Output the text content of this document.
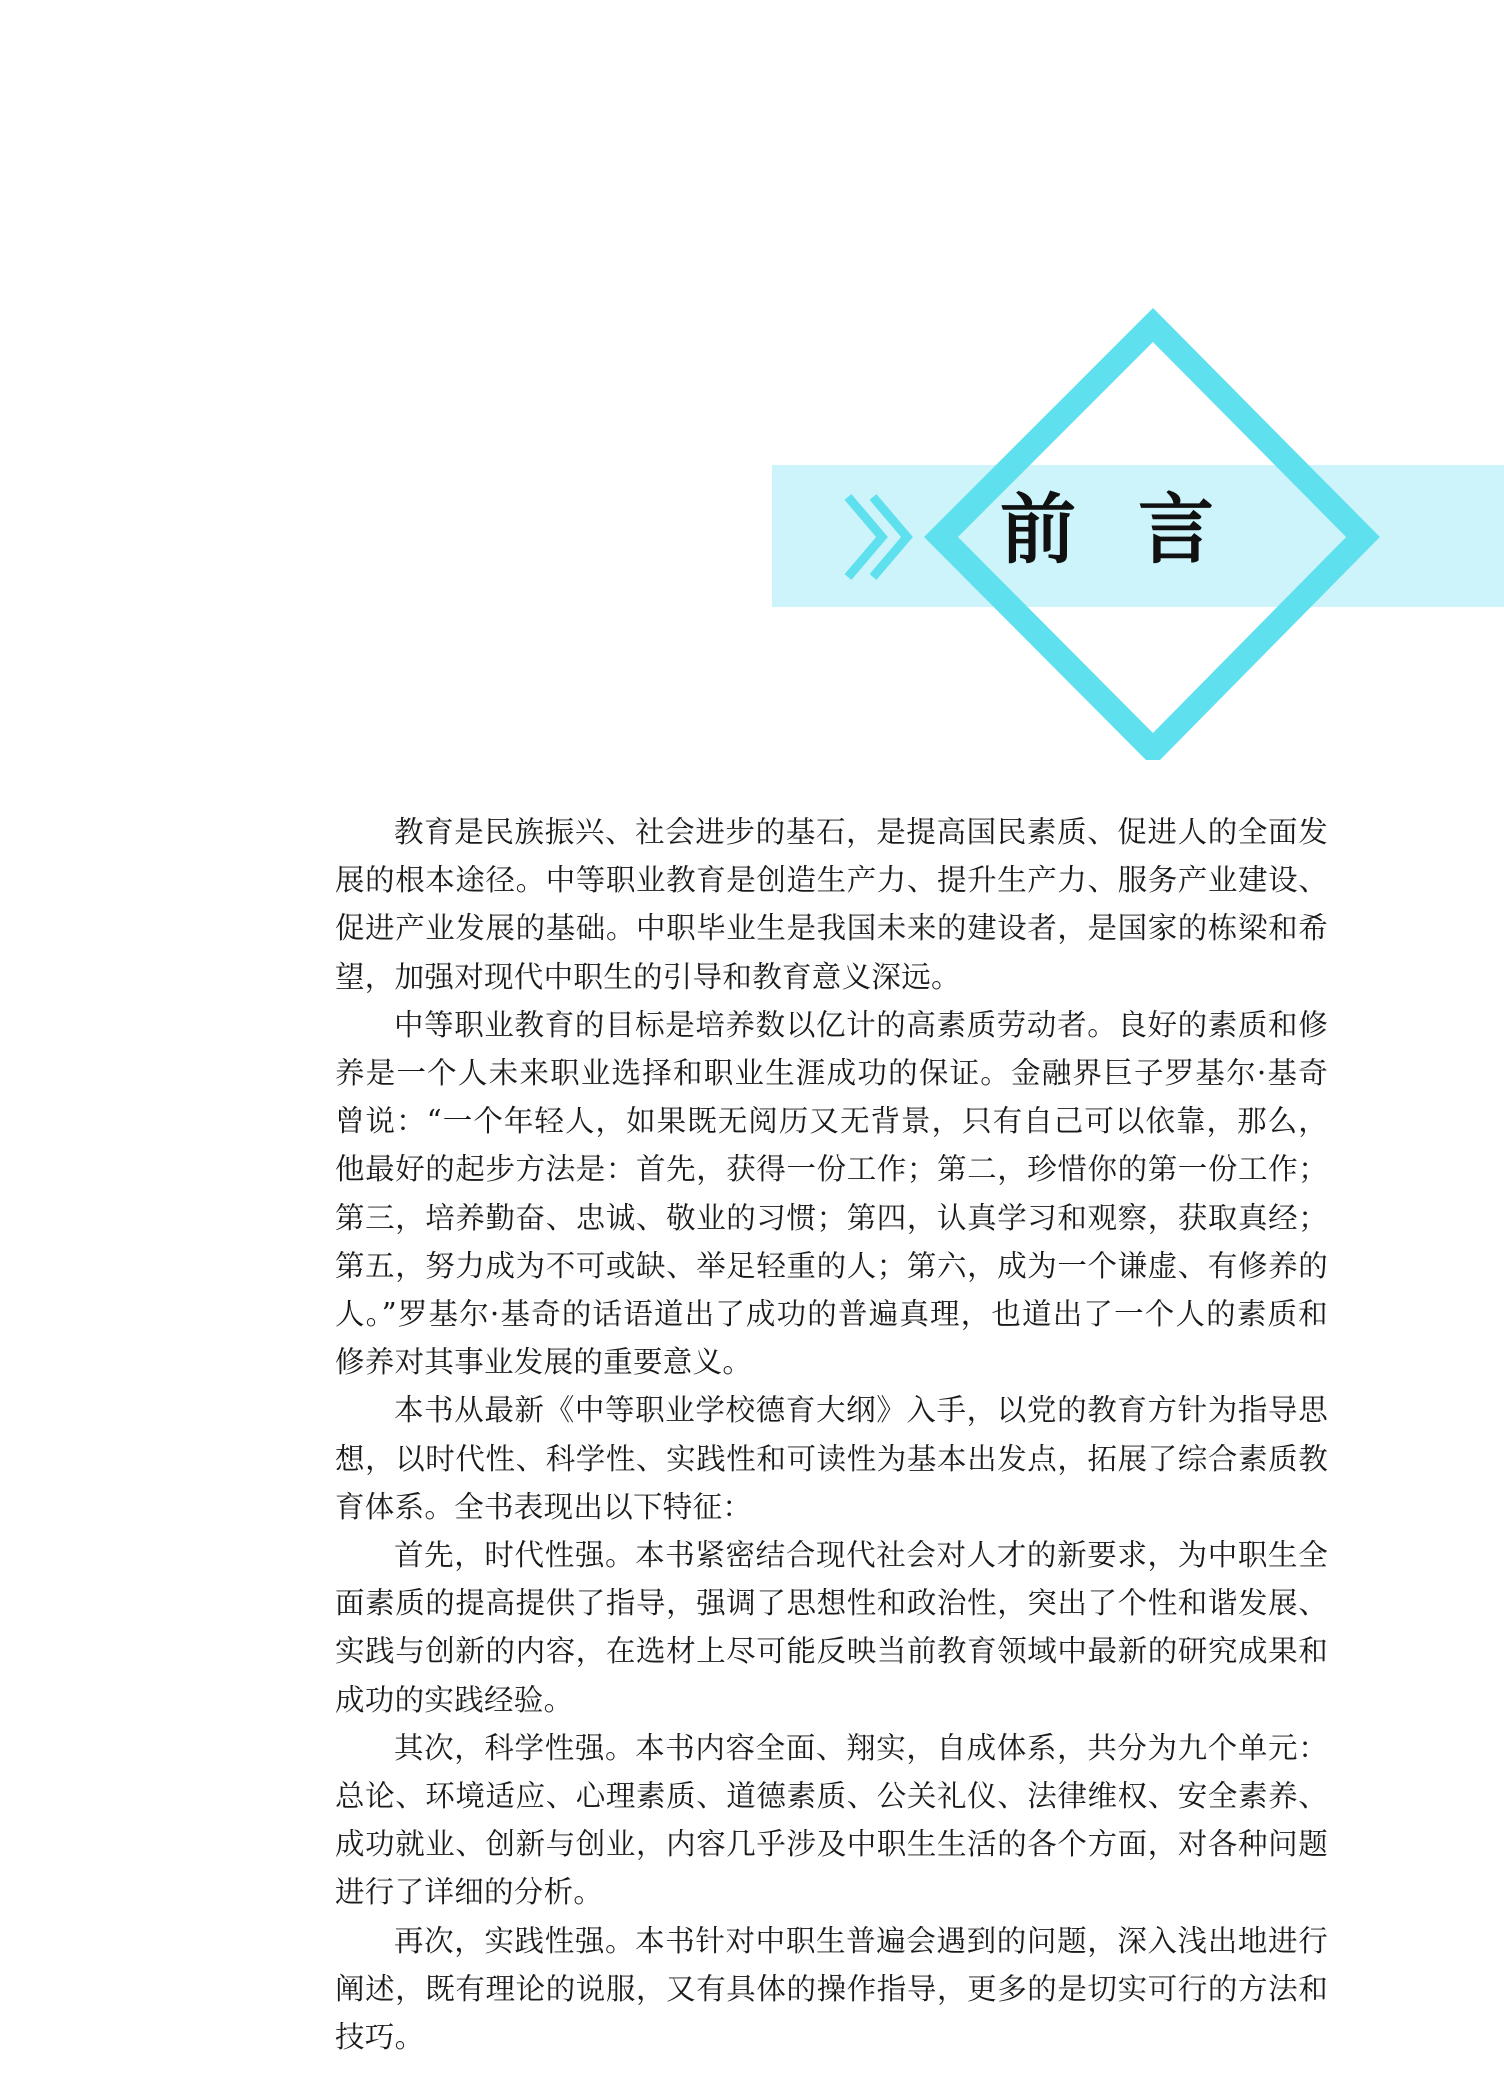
前言

教育是民族振兴、社会进步的基石，是提高国民素质、促进人的全面发展的根本途径。中等职业教育是创造生产力、提升生产力、服务产业建设、促进产业发展的基础。中职毕业生是我国未来的建设者，是国家的栋梁和希望，加强对现代中职生的引导和教育意义深远。

中等职业教育的目标是培养数以亿计的高素质劳动者。良好的素质和修养是一个人未来职业选择和职业生涯成功的保证。金融界巨子罗基尔·基奇曾说：“一个年轻人，如果既无阅历又无背景，只有自己可以依靠，那么，他最好的起步方法是：首先，获得一份工作；第二，珍惜你的第一份工作；第三，培养勤奋、忠诚、敬业的习惯；第四，认真学习和观察，获取真经；第五，努力成为不可或缺、举足轻重的人；第六，成为一个谦虚、有修养的人。”罗基尔·基奇的话语道出了成功的普遍真理，也道出了一个人的素质和修养对其事业发展的重要意义。

本书从最新《中等职业学校德育大纲》入手，以党的教育方针为指导思想，以时代性、科学性、实践性和可读性为基本出发点，拓展了综合素质教育体系。全书表现出以下特征：

首先，时代性强。本书紧密结合现代社会对人才的新要求，为中职生全面素质的提高提供了指导，强调了思想性和政治性，突出了个性和谐发展、实践与创新的内容，在选材上尽可能反映当前教育领域中最新的研究成果和成功的实践经验。

其次，科学性强。本书内容全面、翔实，自成体系，共分为九个单元：总论、环境适应、心理素质、道德素质、公关礼仪、法律维权、安全素养、成功就业、创新与创业，内容几乎涉及中职生生活的各个方面，对各种问题进行了详细的分析。

再次，实践性强。本书针对中职生普遍会遇到的问题，深入浅出地进行阐述，既有理论的说服，又有具体的操作指导，更多的是切实可行的方法和技巧。
